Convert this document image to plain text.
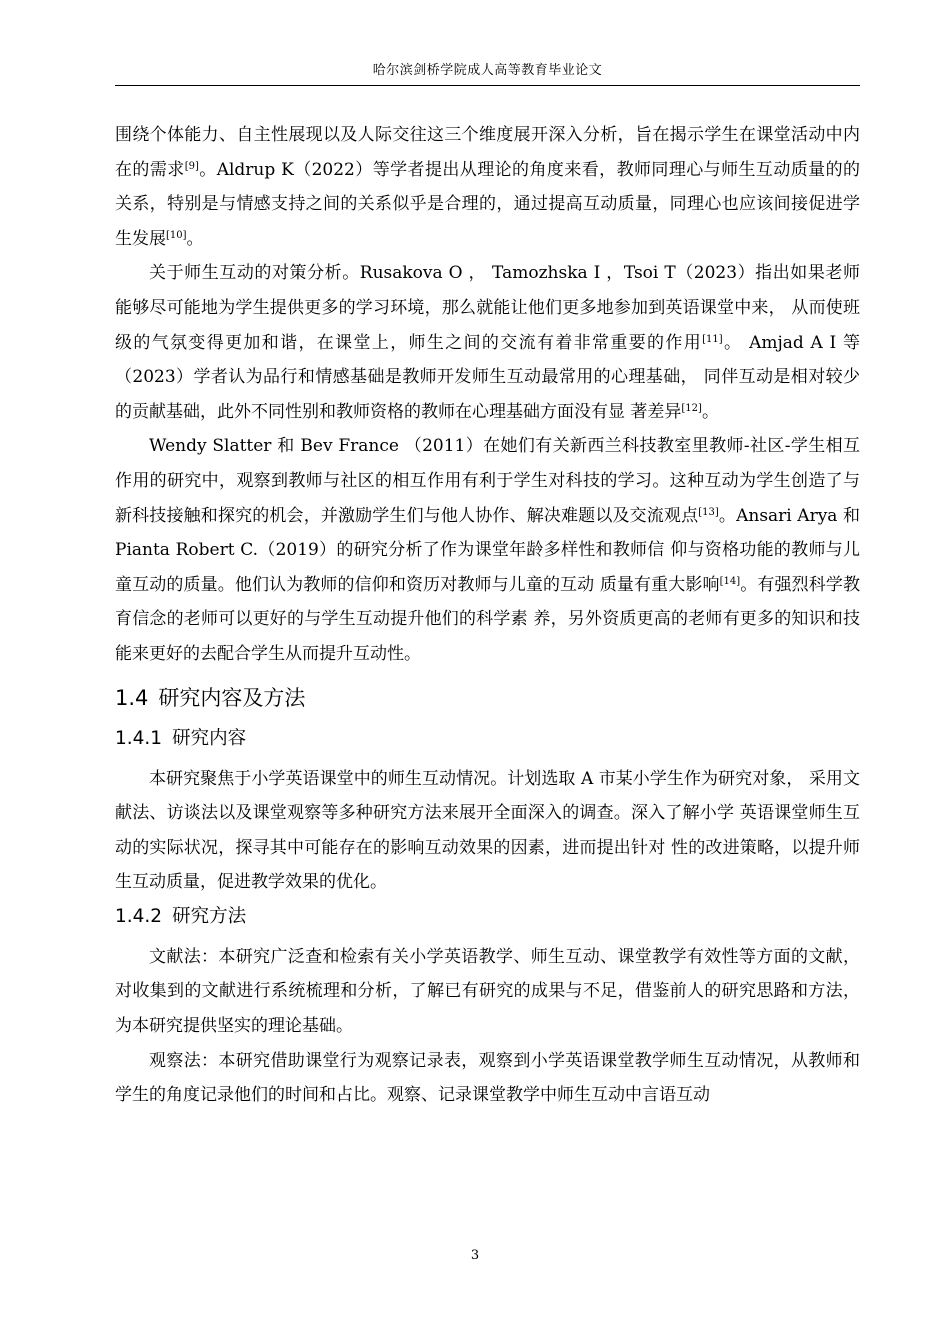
哈尔滨剑桥学院成人高等教育毕业论文

围绕个体能力、自主性展现以及人际交往这三个维度展开深入分析，旨在揭示学生在课堂活动中内在的需求[9]。Aldrup K（2022）等学者提出从理论的角度来看，教师同理心与师生互动质量的的关系，特别是与情感支持之间的关系似乎是合理的，通过提高互动质量，同理心也应该间接促进学生发展[10]。

关于师生互动的对策分析。Rusakova O ， Tamozhska I ，Tsoi T（2023）指出如果老师 能够尽可能地为学生提供更多的学习环境，那么就能让他们更多地参加到英语课堂中来， 从而使班级的气氛变得更加和谐，在课堂上，师生之间的交流有着非常重要的作用[11]。 Amjad A I 等（2023）学者认为品行和情感基础是教师开发师生互动最常用的心理基础， 同伴互动是相对较少的贡献基础，此外不同性别和教师资格的教师在心理基础方面没有显 著差异[12]。

Wendy Slatter 和 Bev France （2011）在她们有关新西兰科技教室里教师-社区-学生相互作用的研究中，观察到教师与社区的相互作用有利于学生对科技的学习。这种互动为学生创造了与新科技接触和探究的机会，并激励学生们与他人协作、解决难题以及交流观点[13]。Ansari Arya 和 Pianta Robert C.（2019）的研究分析了作为课堂年龄多样性和教师信 仰与资格功能的教师与儿童互动的质量。他们认为教师的信仰和资历对教师与儿童的互动 质量有重大影响[14]。有强烈科学教育信念的老师可以更好的与学生互动提升他们的科学素 养，另外资质更高的老师有更多的知识和技能来更好的去配合学生从而提升互动性。

1.4 研究内容及方法
1.4.1 研究内容

本研究聚焦于小学英语课堂中的师生互动情况。计划选取 A 市某小学生作为研究对象， 采用文献法、访谈法以及课堂观察等多种研究方法来展开全面深入的调查。深入了解小学 英语课堂师生互动的实际状况，探寻其中可能存在的影响互动效果的因素，进而提出针对 性的改进策略，以提升师生互动质量，促进教学效果的优化。

1.4.2 研究方法

文献法：本研究广泛查和检索有关小学英语教学、师生互动、课堂教学有效性等方面的文献，对收集到的文献进行系统梳理和分析，了解已有研究的成果与不足，借鉴前人的研究思路和方法，为本研究提供坚实的理论基础。

观察法：本研究借助课堂行为观察记录表，观察到小学英语课堂教学师生互动情况，从教师和学生的角度记录他们的时间和占比。观察、记录课堂教学中师生互动中言语互动

3
